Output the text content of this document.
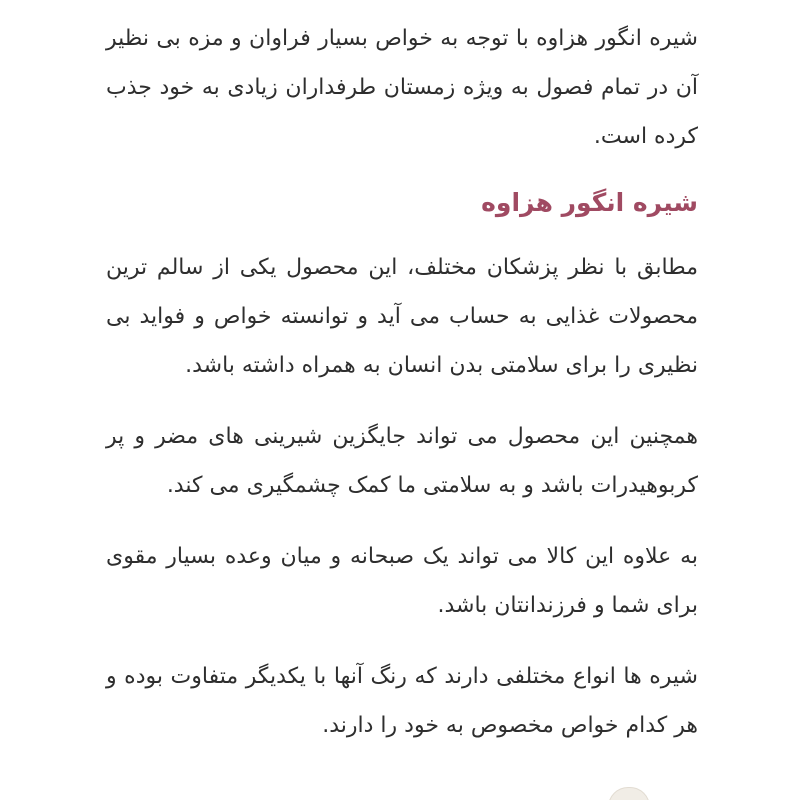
شیره انگور هزاوه با توجه به خواص بسیار فراوان و مزه بی نظیر آن در تمام فصول به ویژه زمستان طرفداران زیادی به خود جذب کرده است.

شیره انگور هزاوه

مطابق با نظر پزشکان مختلف، این محصول یکی از سالم ترین محصولات غذایی به حساب می آید و توانسته خواص و فواید بی نظیری را برای سلامتی بدن انسان به همراه داشته باشد.

همچنین این محصول می تواند جایگزین شیرینی های مضر و پر کربوهیدرات باشد و به سلامتی ما کمک چشمگیری می کند.

به علاوه این کالا می تواند یک صبحانه و میان وعده بسیار مقوی برای شما و فرزندانتان باشد.

شیره ها انواع مختلفی دارند که رنگ آنها با یکدیگر متفاوت بوده و هر کدام خواص مخصوص به خود را دارند.
